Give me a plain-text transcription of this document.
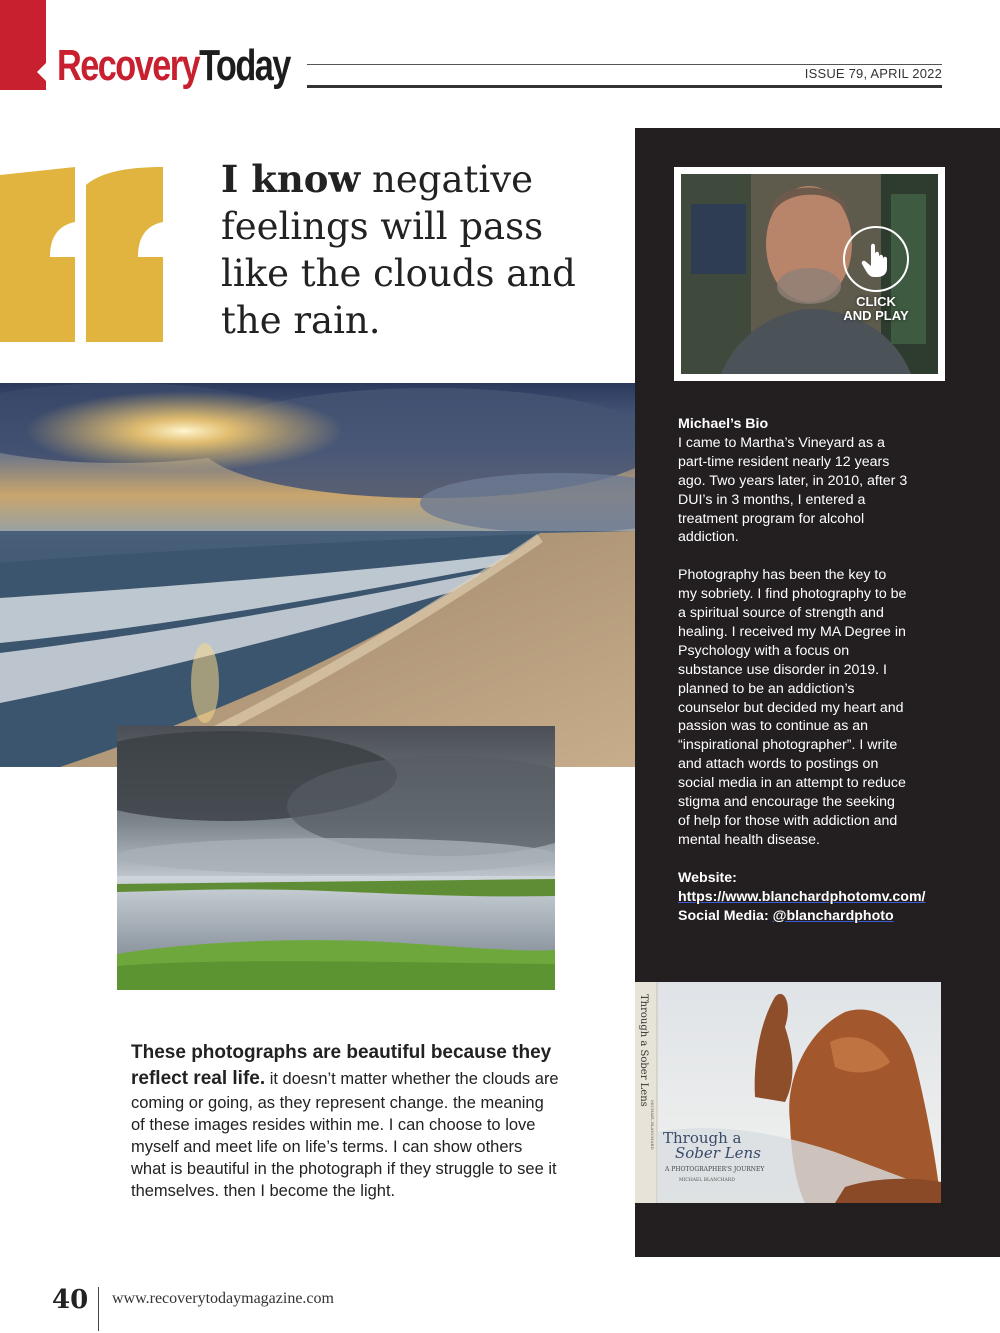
RecoveryToday	ISSUE 79, APRIL 2022
I know negative feelings will pass like the clouds and the rain.
These photographs are beautiful because they reflect real life. it doesn’t matter whether the clouds are coming or going, as they represent change. the meaning of these images resides within me. I can choose to love myself and meet life on life’s terms. I can show others what is beautiful in the photograph if they struggle to see it themselves. then I become the light.
CLICK AND PLAY
Michael’s Bio

I came to Martha’s Vineyard as a part-time resident nearly 12 years ago. Two years later, in 2010, after 3 DUI’s in 3 months, I entered a treatment program for alcohol addiction.

Photography has been the key to my sobriety. I find photography to be a spiritual source of strength and healing. I received my MA Degree in Psychology with a focus on substance use disorder in 2019. I planned to be an addiction’s counselor but decided my heart and passion was to continue as an “inspirational photographer”. I write and attach words to postings on social media in an attempt to reduce stigma and encourage the seeking of help for those with addiction and mental health disease.

Website: https://www.blanchardphotomv.com/
Social Media: @blanchardphoto
Through a Sober Lens
MICHAEL BLANCHARD Through a
Sober Lens
A PHOTOGRAPHER'S JOURNEY
MICHAEL BLANCHARD
40 www.recoverytodaymagazine.com
